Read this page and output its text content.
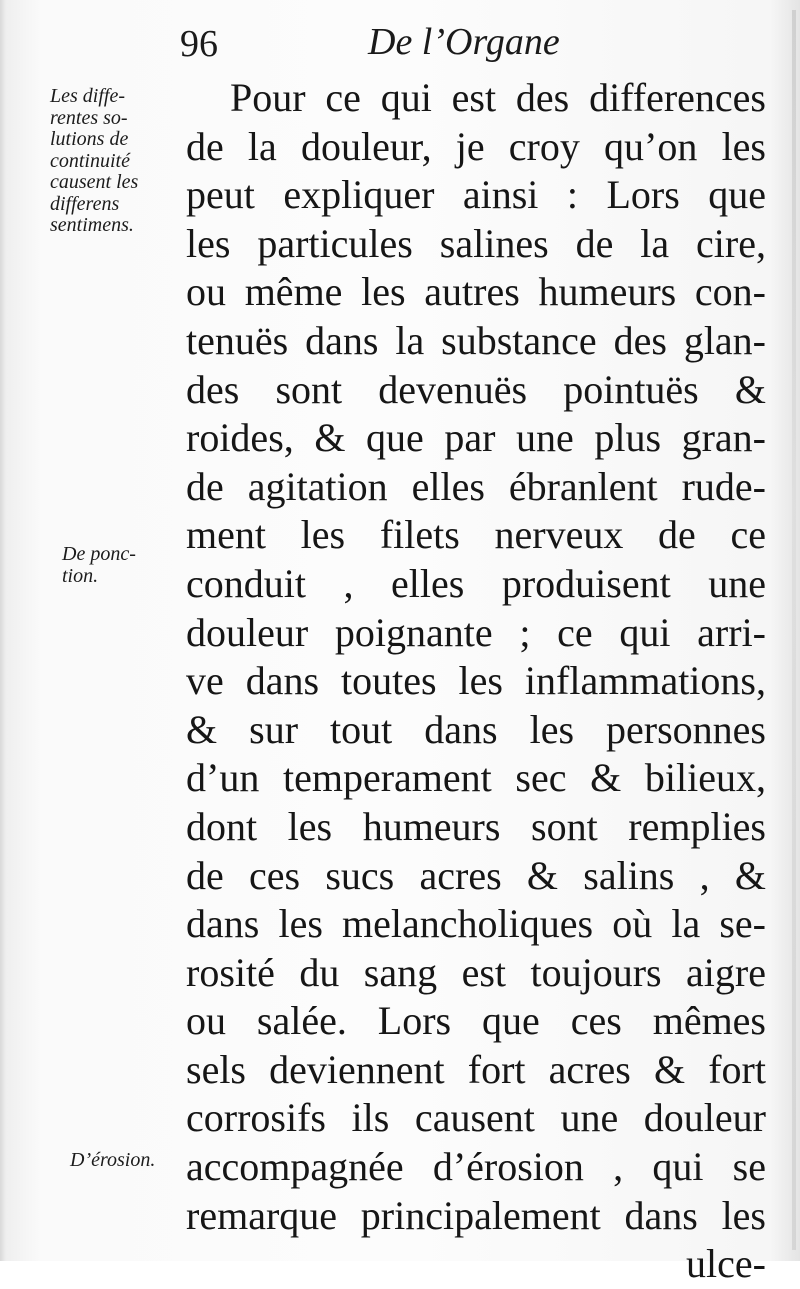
96	De l’Organe
Les diffe-
rentes so-
lutions de
continuité
causent les
differens
sentimens.
De ponc-
tion.
D’érosion.
Pour ce qui est des differences
de la douleur, je croy qu’on les
peut expliquer ainsi : Lors que
les particules salines de la cire,
ou même les autres humeurs con-
tenuës dans la substance des glan-
des sont devenuës pointuës &
roides, & que par une plus gran-
de agitation elles ébranlent rude-
ment les filets nerveux de ce
conduit , elles produisent une
douleur poignante ; ce qui arri-
ve dans toutes les inflammations,
& sur tout dans les personnes
d’un temperament sec & bilieux,
dont les humeurs sont remplies
de ces sucs acres & salins , &
dans les melancholiques où la se-
rosité du sang est toujours aigre
ou salée. Lors que ces mêmes
sels deviennent fort acres & fort
corrosifs ils causent une douleur
accompagnée d’érosion , qui se
remarque principalement dans les
ulce-
